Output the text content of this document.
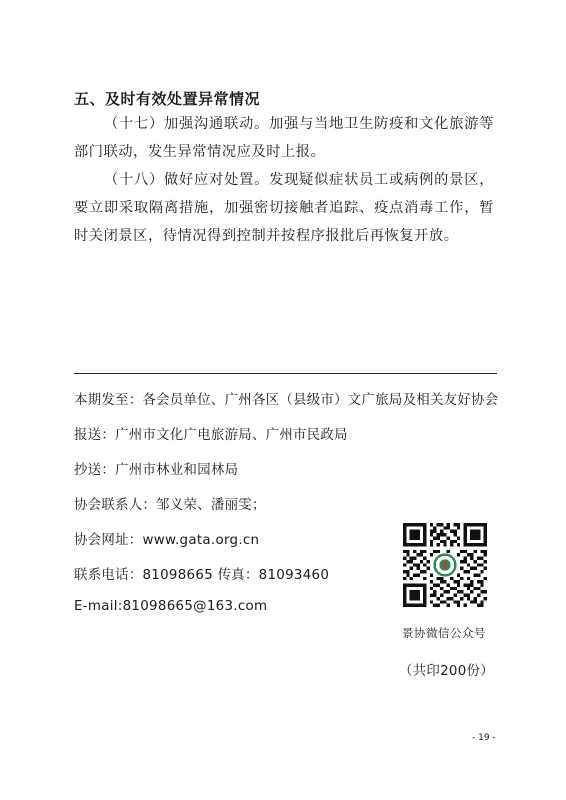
五、及时有效处置异常情况
（十七）加强沟通联动。加强与当地卫生防疫和文化旅游等部门联动，发生异常情况应及时上报。
（十八）做好应对处置。发现疑似症状员工或病例的景区，要立即采取隔离措施，加强密切接触者追踪、疫点消毒工作，暂时关闭景区，待情况得到控制并按程序报批后再恢复开放。
本期发至：各会员单位、广州各区（县级市）文广旅局及相关友好协会
报送：广州市文化广电旅游局、广州市民政局
抄送：广州市林业和园林局
协会联系人：邹义荣、潘丽雯；
协会网址：www.gata.org.cn
联系电话：81098665 传真：81093460
E-mail:81098665@163.com
景协微信公众号
（共印200份）
- 19 -
